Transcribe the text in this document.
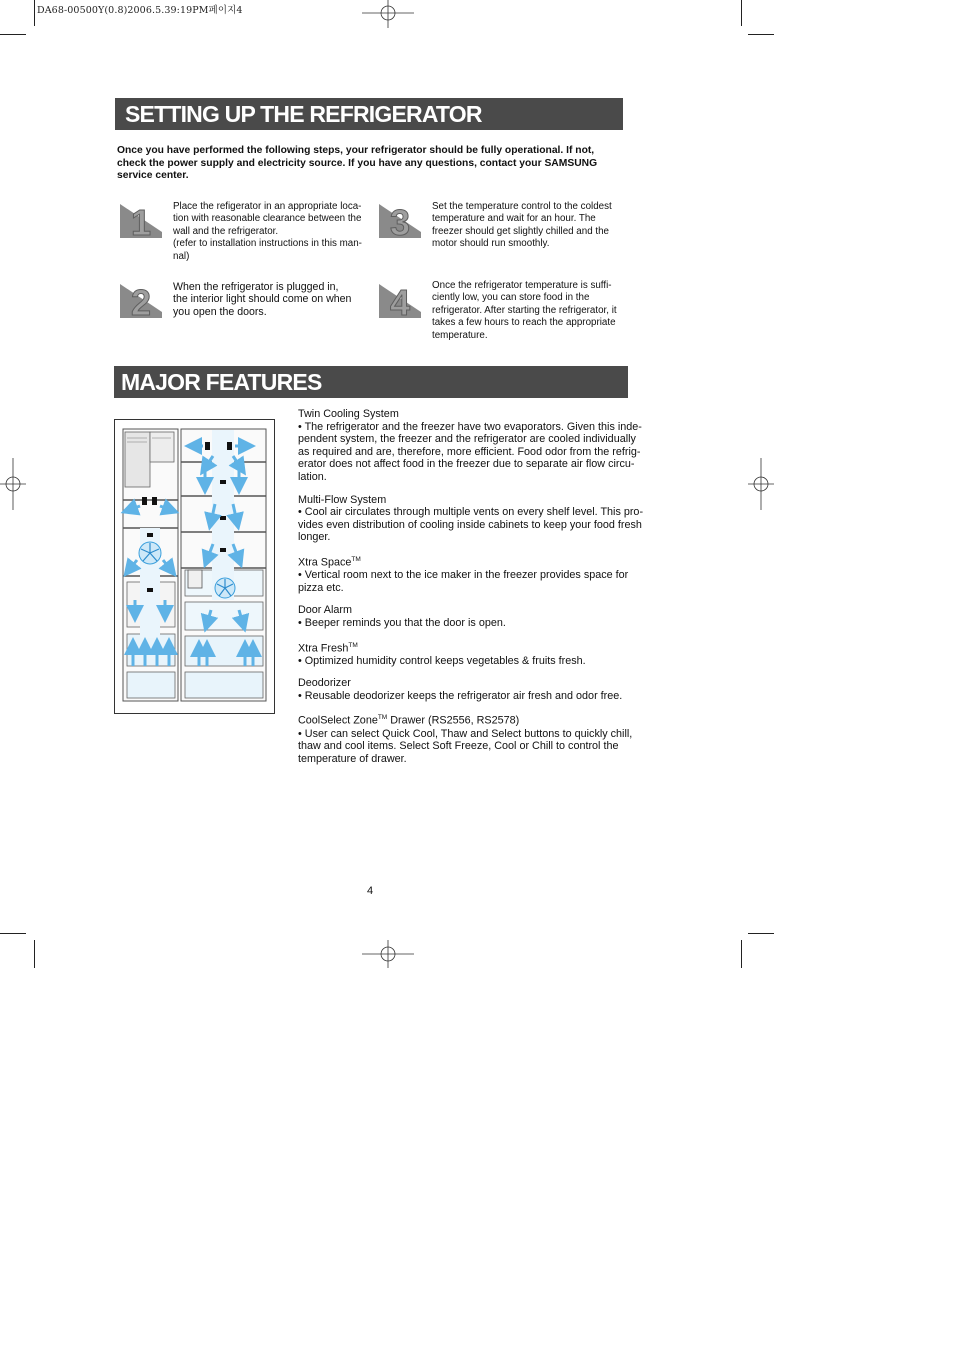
DA68-00500Y(0.8)2006.5.39:19PM페이지4
SETTING UP THE REFRIGERATOR
Once you have performed the following steps, your refrigerator should be fully operational. If not, check the power supply and electricity source. If you have any questions, contact your SAMSUNG service center.
1 Place the refigerator in an appropriate loca-
tion with reasonable clearance between the
wall and the refrigerator.
(refer to installation instructions in this man-
nal)
2 When the refrigerator is plugged in,
the interior light should come on when
you open the doors.
3 Set the temperature control to the coldest
temperature and wait for an hour. The
freezer should get slightly chilled and the
motor should run smoothly.
4 Once the refrigerator temperature is suffi-
ciently low, you can store food in the
refrigerator. After starting the refrigerator, it
takes a few hours to reach the appropriate
temperature.
MAJOR FEATURES
Twin Cooling System
• The refrigerator and the freezer have two evaporators. Given this inde-
pendent system, the freezer and the refrigerator are cooled individually
as required and are, therefore, more efficient. Food odor from the refrig-
erator does not affect food in the freezer due to separate air flow circu-
lation.
Multi-Flow System
• Cool air circulates through multiple vents on every shelf level. This pro-
vides even distribution of cooling inside cabinets to keep your food fresh
longer.
Xtra Space™
• Vertical room next to the ice maker in the freezer provides space for
pizza etc.
Door Alarm
• Beeper reminds you that the door is open.
Xtra Fresh™
• Optimized humidity control keeps vegetables & fruits fresh.
Deodorizer
• Reusable deodorizer keeps the refrigerator air fresh and odor free.
CoolSelect Zone™ Drawer (RS2556, RS2578)
• User can select Quick Cool, Thaw and Select buttons to quickly chill,
thaw and cool items. Select Soft Freeze, Cool or Chill to control the
temperature of drawer.
4
